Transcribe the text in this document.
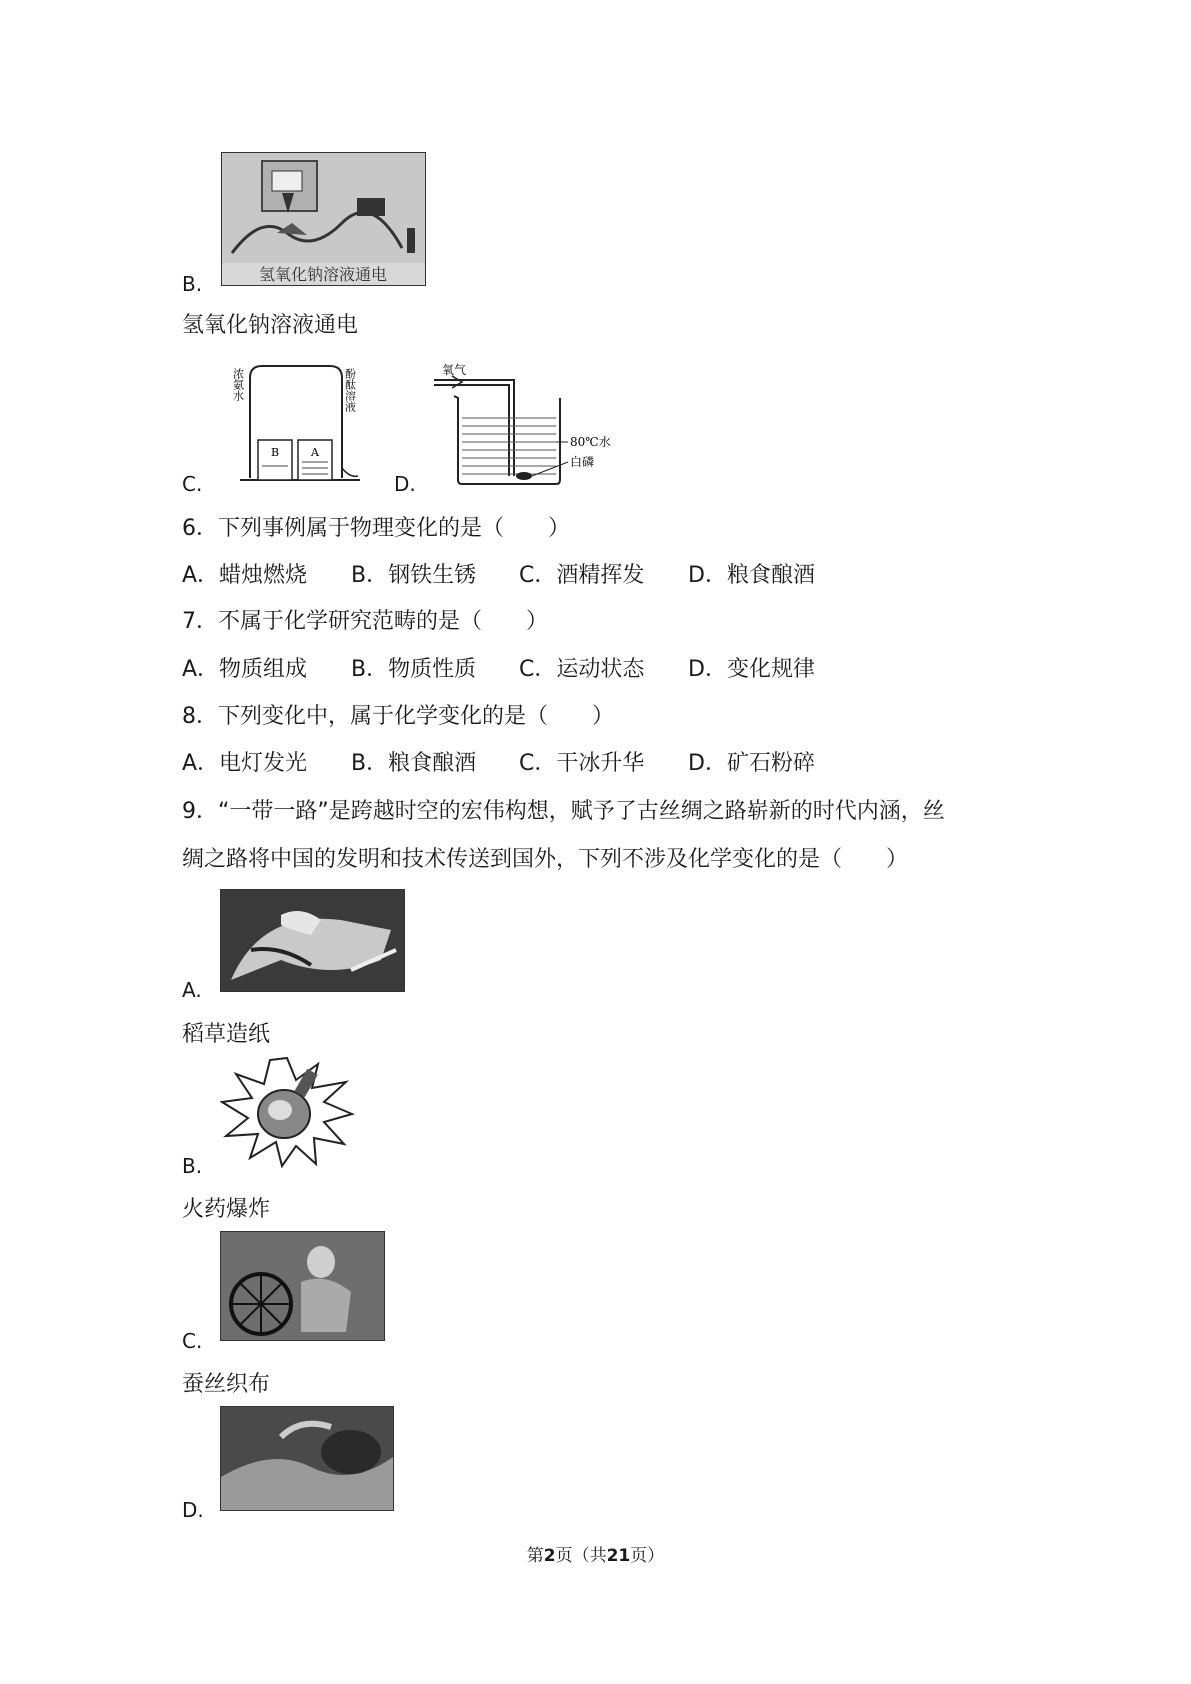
B.	氢氧化钠溶液通电
氢氧化钠溶液通电
C.
B	A
浓氨水	酚酞溶液
D.
氧气
80℃水
白磷
6．下列事例属于物理变化的是（　　）
A．蜡烛燃烧 B．钢铁生锈 C．酒精挥发 D．粮食酿酒
7．不属于化学研究范畴的是（　　）
A．物质组成 B．物质性质 C．运动状态 D．变化规律
8．下列变化中，属于化学变化的是（　　）
A．电灯发光 B．粮食酿酒 C．干冰升华 D．矿石粉碎
9．“一带一路”是跨越时空的宏伟构想，赋予了古丝绸之路崭新的时代内涵，丝
绸之路将中国的发明和技术传送到国外，下列不涉及化学变化的是（　　）
A.
稻草造纸
B.
火药爆炸
C.
蚕丝织布
D.
第2页（共21页）
